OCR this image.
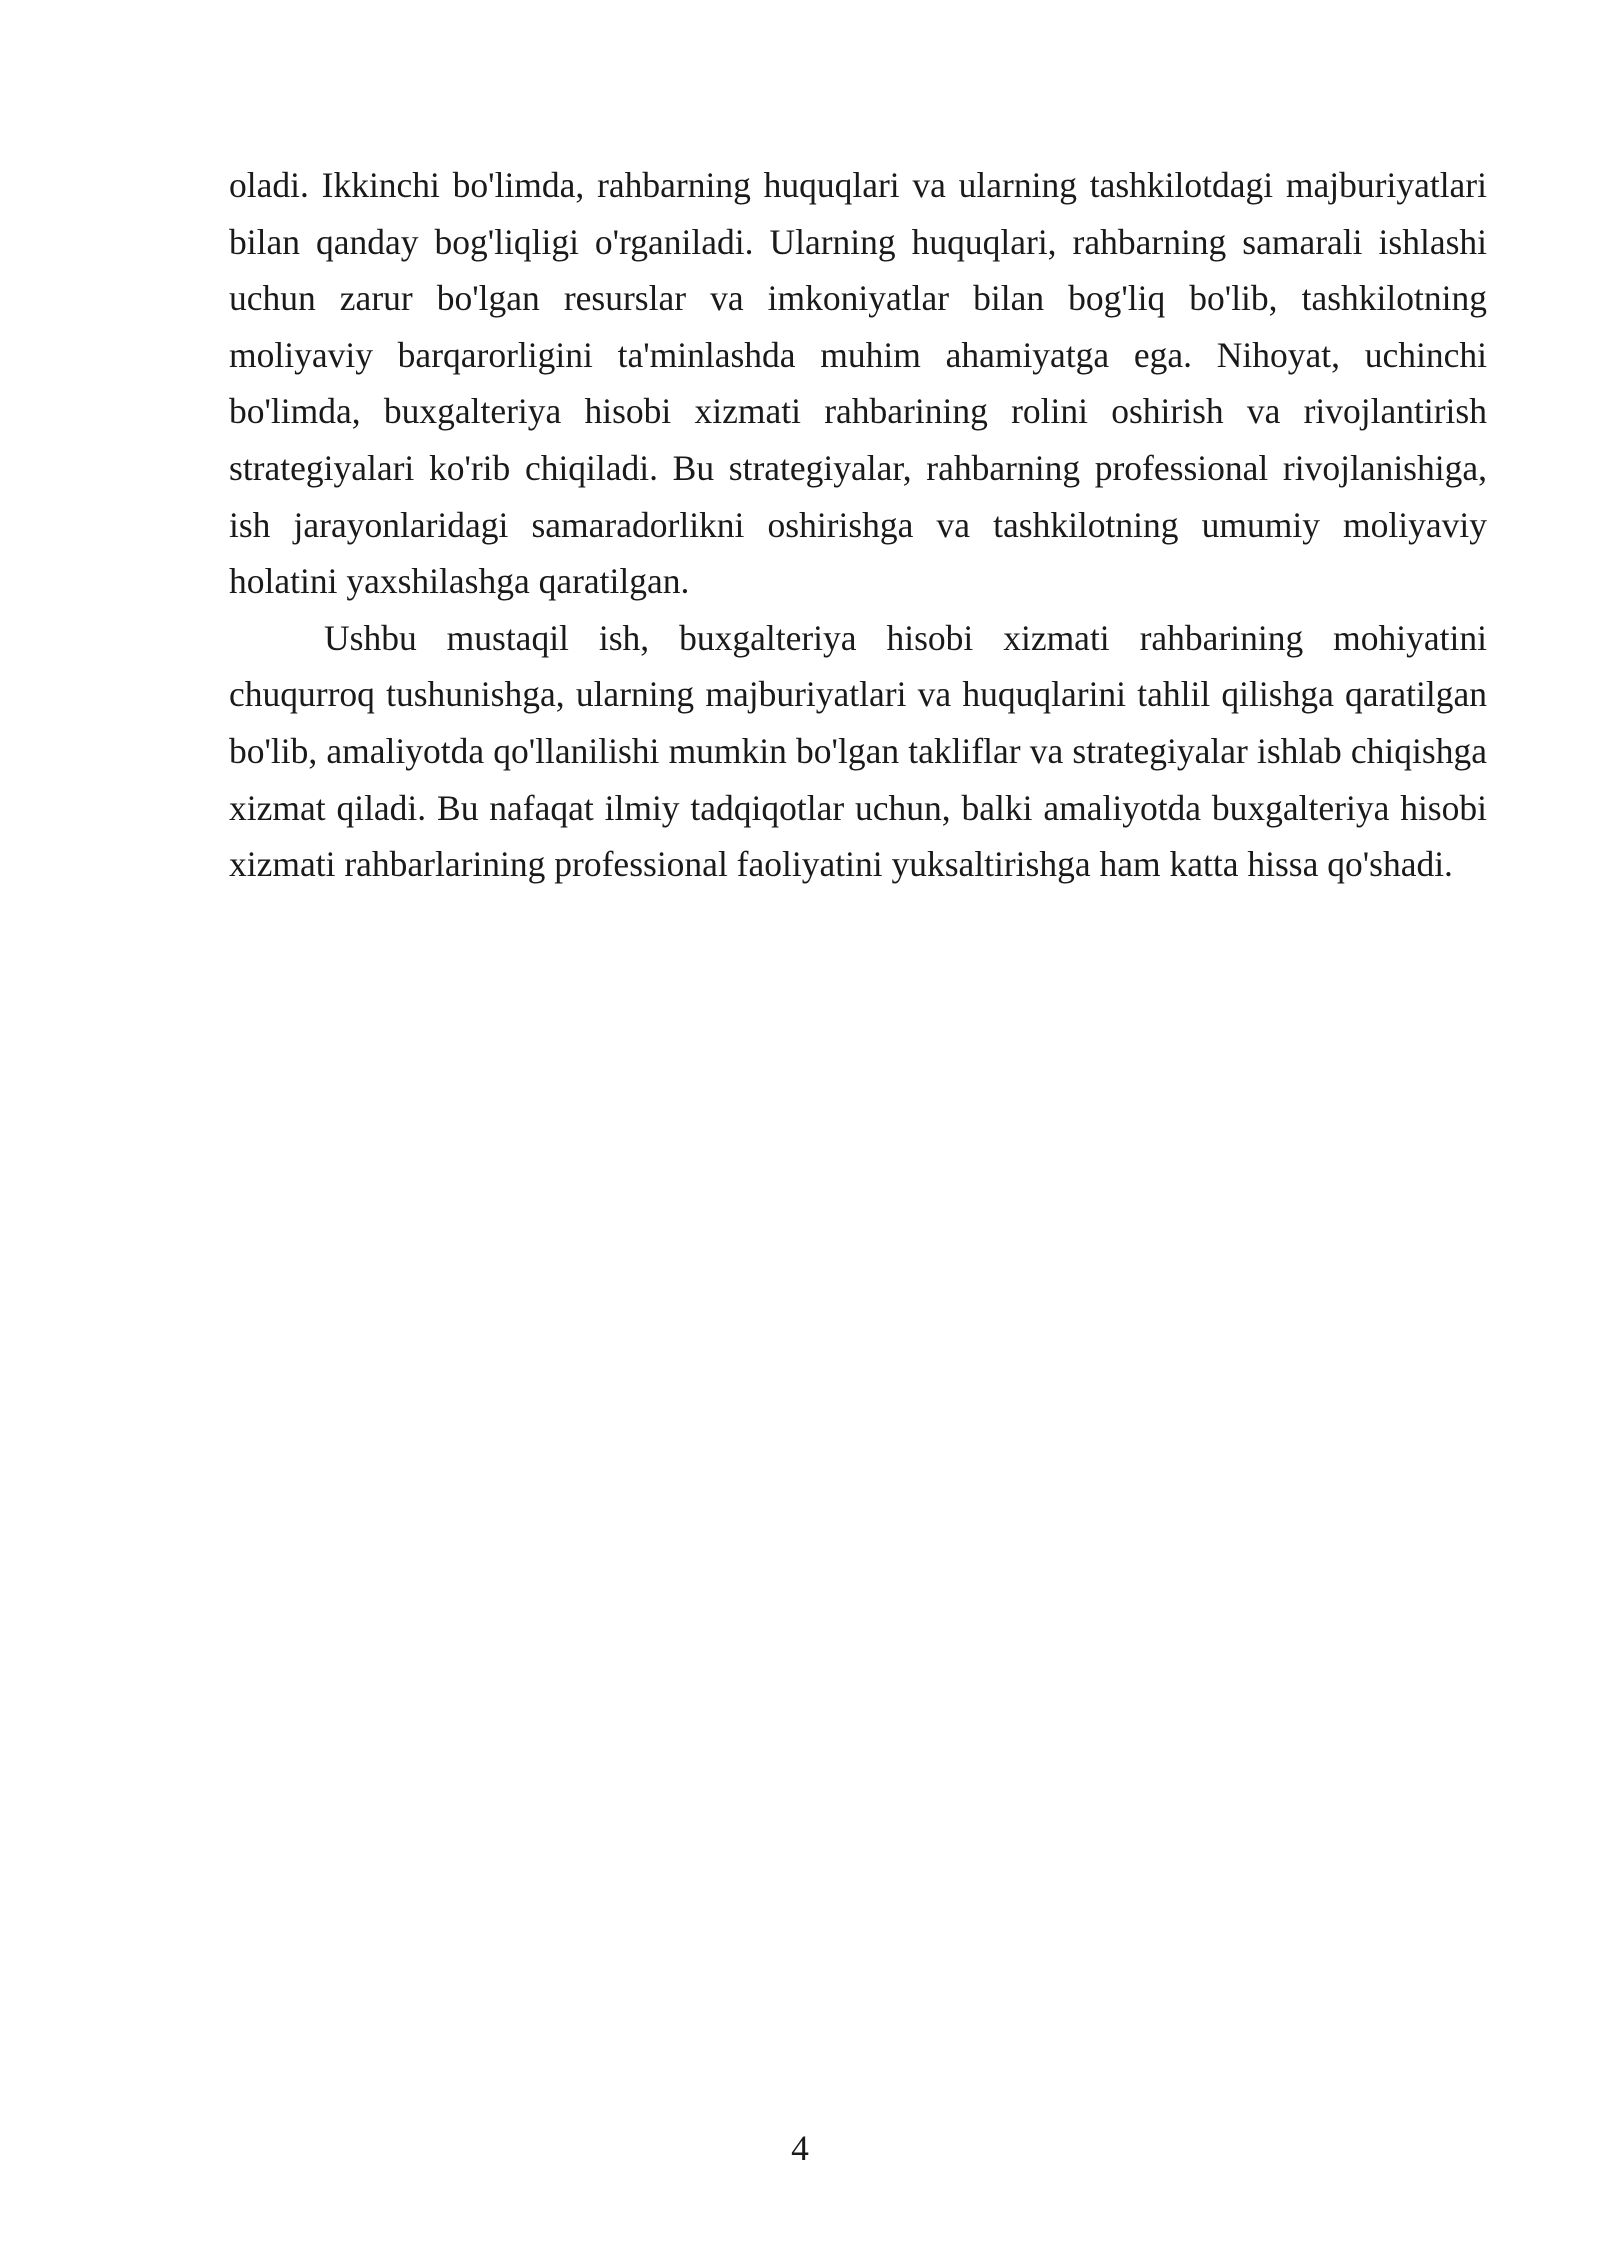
oladi. Ikkinchi bo'limda, rahbarning huquqlari va ularning tashkilotdagi majburiyatlari bilan qanday bog'liqligi o'rganiladi. Ularning huquqlari, rahbarning samarali ishlashi uchun zarur bo'lgan resurslar va imkoniyatlar bilan bog'liq bo'lib, tashkilotning moliyaviy barqarorligini ta'minlashda muhim ahamiyatga ega. Nihoyat, uchinchi bo'limda, buxgalteriya hisobi xizmati rahbarining rolini oshirish va rivojlantirish strategiyalari ko'rib chiqiladi. Bu strategiyalar, rahbarning professional rivojlanishiga, ish jarayonlaridagi samaradorlikni oshirishga va tashkilotning umumiy moliyaviy holatini yaxshilashga qaratilgan.

Ushbu mustaqil ish, buxgalteriya hisobi xizmati rahbarining mohiyatini chuqurroq tushunishga, ularning majburiyatlari va huquqlarini tahlil qilishga qaratilgan bo'lib, amaliyotda qo'llanilishi mumkin bo'lgan takliflar va strategiyalar ishlab chiqishga xizmat qiladi. Bu nafaqat ilmiy tadqiqotlar uchun, balki amaliyotda buxgalteriya hisobi xizmati rahbarlarining professional faoliyatini yuksaltirishga ham katta hissa qo'shadi.

4
